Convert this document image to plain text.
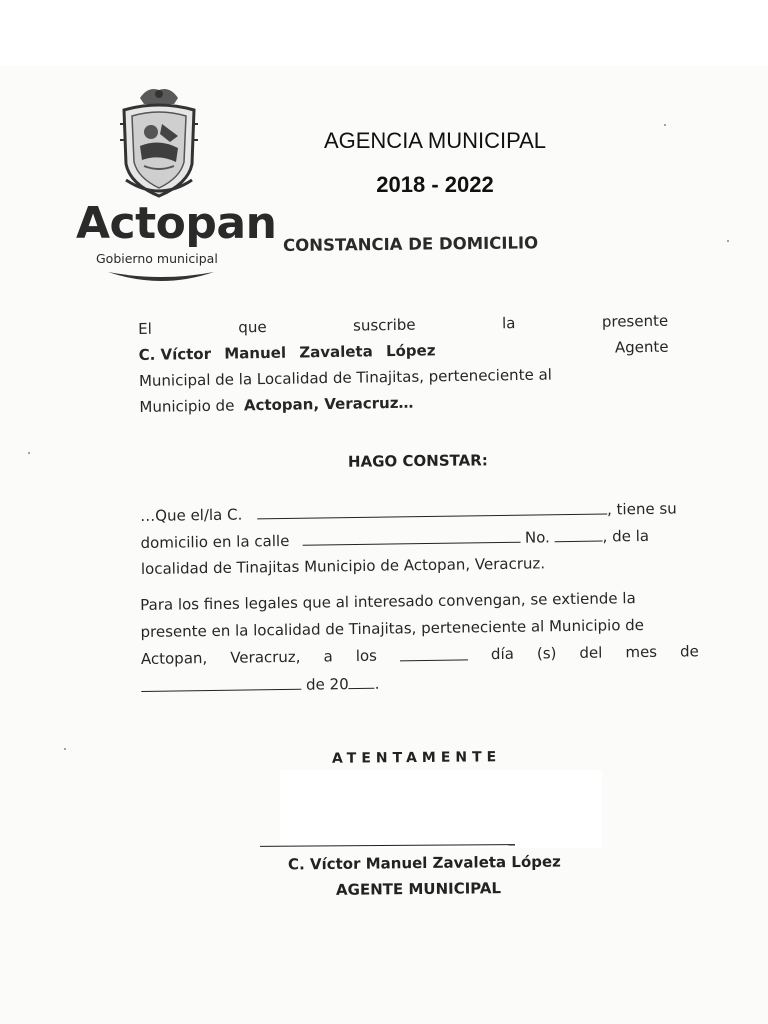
Actopan
Gobierno municipal
AGENCIA MUNICIPAL
2018 - 2022
CONSTANCIA DE DOMICILIO
El	que	suscribe	la	presente
C. Víctor Manuel Zavaleta López	Agente
Municipal de la Localidad de Tinajitas, perteneciente al
Municipio de
Actopan, Veracruz…
HAGO CONSTAR:
…Que el/la C.	, tiene su
domicilio en la calle	No.	, de la
localidad de Tinajitas Municipio de Actopan, Veracruz.
Para los fines legales que al interesado convengan, se extiende la
presente en la localidad de Tinajitas, perteneciente al Municipio de
Actopan, Veracruz, a los	día (s) del mes de
de 20 .
ATENTAMENTE
C. Víctor Manuel Zavaleta López
AGENTE MUNICIPAL
